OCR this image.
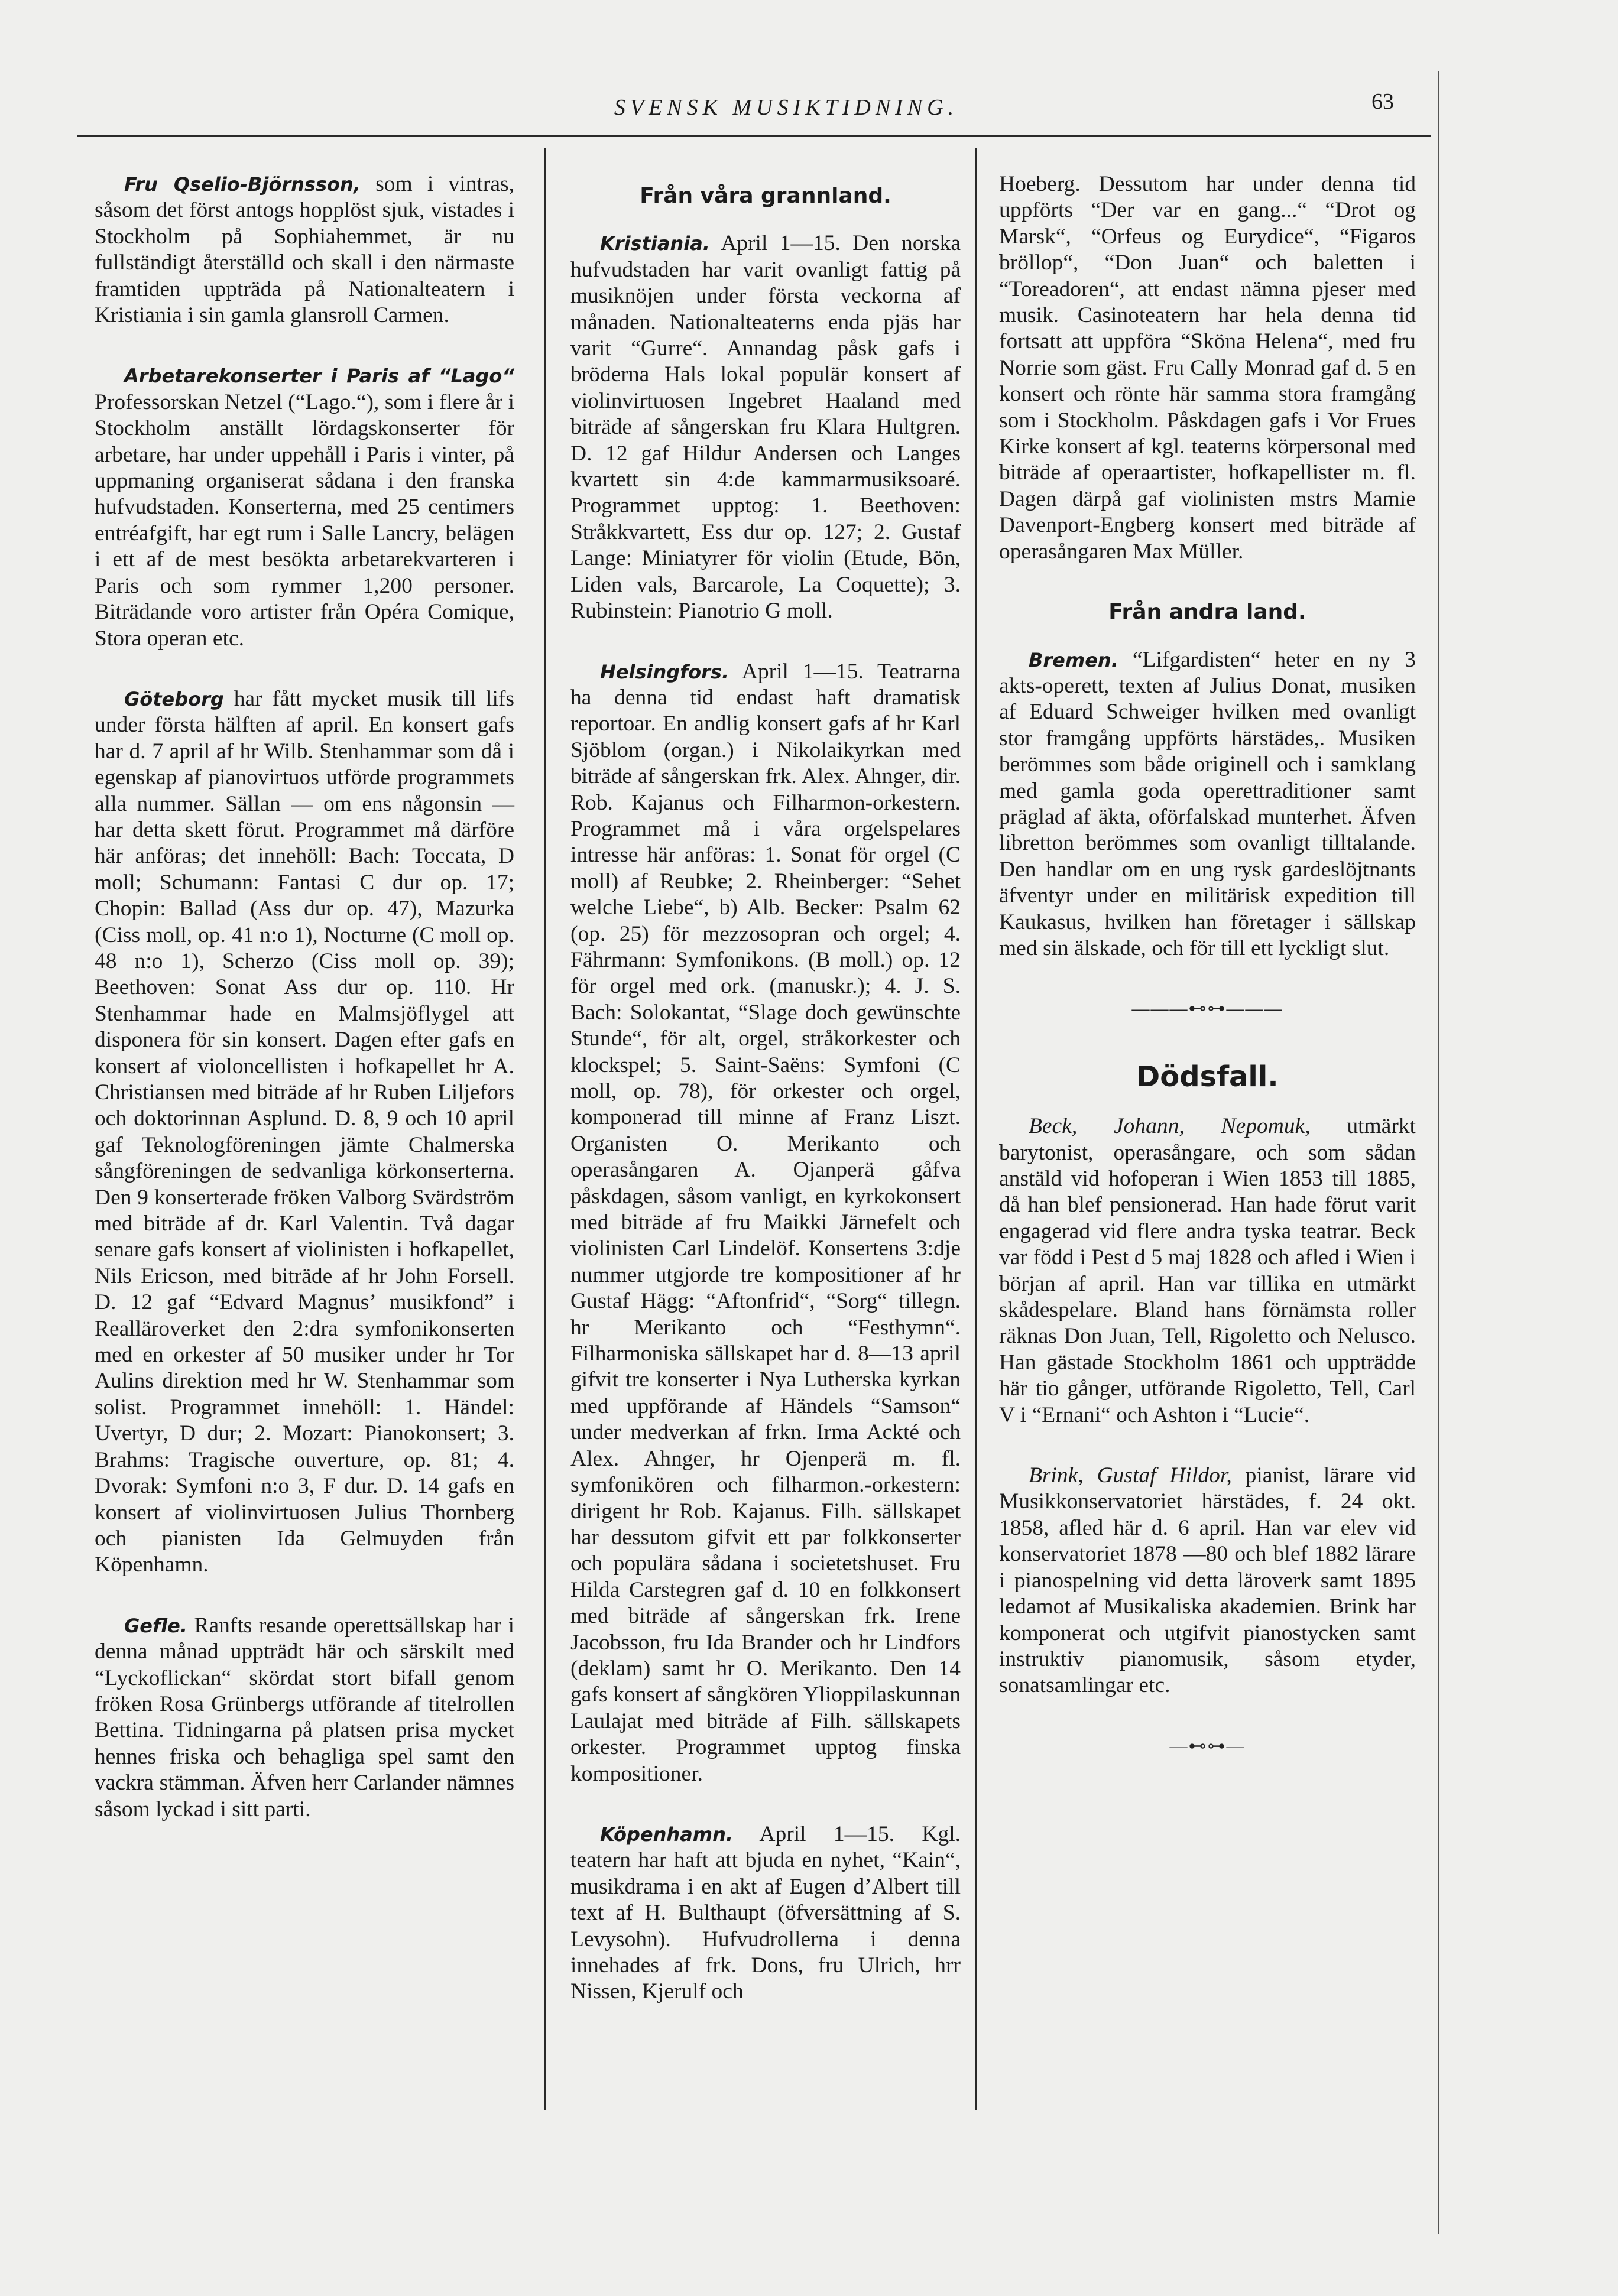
SVENSK MUSIKTIDNING.	63

Fru Qselio-Björnsson, som i vintras, såsom det först antogs hopplöst sjuk, vistades i Stockholm på Sophiahemmet, är nu fullständigt återställd och skall i den närmaste framtiden uppträda på Nationalteatern i Kristiania i sin gamla glansroll Carmen.

Arbetarekonserter i Paris af “Lago“ Professorskan Netzel (“Lago.“), som i flere år i Stockholm anställt lördagskonserter för arbetare, har under uppehåll i Paris i vinter, på uppmaning organiserat sådana i den franska hufvudstaden. Konserterna, med 25 centimers entréafgift, har egt rum i Salle Lancry, belägen i ett af de mest besökta arbetarekvarteren i Paris och som rymmer 1,200 personer. Biträdande voro artister från Opéra Comique, Stora operan etc.

Göteborg har fått mycket musik till lifs under första hälften af april. En konsert gafs har d. 7 april af hr Wilb. Stenhammar som då i egenskap af pianovirtuos utförde programmets alla nummer. Sällan — om ens någonsin — har detta skett förut. Programmet må därföre här anföras; det innehöll: Bach: Toccata, D moll; Schumann: Fantasi C dur op. 17; Chopin: Ballad (Ass dur op. 47), Mazurka (Ciss moll, op. 41 n:o 1), Nocturne (C moll op. 48 n:o 1), Scherzo (Ciss moll op. 39); Beethoven: Sonat Ass dur op. 110. Hr Stenhammar hade en Malmsjöflygel att disponera för sin konsert. Dagen efter gafs en konsert af violoncellisten i hofkapellet hr A. Christiansen med biträde af hr Ruben Liljefors och doktorinnan Asplund. D. 8, 9 och 10 april gaf Teknologföreningen jämte Chalmerska sångföreningen de sedvanliga körkonserterna. Den 9 konserterade fröken Valborg Svärdström med biträde af dr. Karl Valentin. Två dagar senare gafs konsert af violinisten i hofkapellet, Nils Ericson, med biträde af hr John Forsell. D. 12 gaf “Edvard Magnus’ musikfond” i Realläroverket den 2:dra symfonikonserten med en orkester af 50 musiker under hr Tor Aulins direktion med hr W. Stenhammar som solist. Programmet innehöll: 1. Händel: Uvertyr, D dur; 2. Mozart: Pianokonsert; 3. Brahms: Tragische ouverture, op. 81; 4. Dvorak: Symfoni n:o 3, F dur. D. 14 gafs en konsert af violinvirtuosen Julius Thornberg och pianisten Ida Gelmuyden från Köpenhamn.

Gefle. Ranfts resande operettsällskap har i denna månad uppträdt här och särskilt med “Lyckoflickan“ skördat stort bifall genom fröken Rosa Grünbergs utförande af titelrollen Bettina. Tidningarna på platsen prisa mycket hennes friska och behagliga spel samt den vackra stämman. Äfven herr Carlander nämnes såsom lyckad i sitt parti.

Från våra grannland.

Kristiania. April 1—15. Den norska hufvudstaden har varit ovanligt fattig på musiknöjen under första veckorna af månaden. Nationalteaterns enda pjäs har varit “Gurre“. Annandag påsk gafs i bröderna Hals lokal populär konsert af violinvirtuosen Ingebret Haaland med biträde af sångerskan fru Klara Hultgren. D. 12 gaf Hildur Andersen och Langes kvartett sin 4:de kammarmusiksoaré. Programmet upptog: 1. Beethoven: Stråkkvartett, Ess dur op. 127; 2. Gustaf Lange: Miniatyrer för violin (Etude, Bön, Liden vals, Barcarole, La Coquette); 3. Rubinstein: Pianotrio G moll.

Helsingfors. April 1—15. Teatrarna ha denna tid endast haft dramatisk reportoar. En andlig konsert gafs af hr Karl Sjöblom (organ.) i Nikolaikyrkan med biträde af sångerskan frk. Alex. Ahnger, dir. Rob. Kajanus och Filharmon-orkestern. Programmet må i våra orgelspelares intresse här anföras: 1. Sonat för orgel (C moll) af Reubke; 2. Rheinberger: “Sehet welche Liebe“, b) Alb. Becker: Psalm 62 (op. 25) för mezzosopran och orgel; 4. Fährmann: Symfonikons. (B moll.) op. 12 för orgel med ork. (manuskr.); 4. J. S. Bach: Solokantat, “Slage doch gewünschte Stunde“, för alt, orgel, stråkorkester och klockspel; 5. Saint-Saëns: Symfoni (C moll, op. 78), för orkester och orgel, komponerad till minne af Franz Liszt. Organisten O. Merikanto och operasångaren A. Ojanperä gåfva påskdagen, såsom vanligt, en kyrkokonsert med biträde af fru Maikki Järnefelt och violinisten Carl Lindelöf. Konsertens 3:dje nummer utgjorde tre kompositioner af hr Gustaf Hägg: “Aftonfrid“, “Sorg“ tillegn. hr Merikanto och “Festhymn“. Filharmoniska sällskapet har d. 8—13 april gifvit tre konserter i Nya Lutherska kyrkan med uppförande af Händels “Samson“ under medverkan af frkn. Irma Ackté och Alex. Ahnger, hr Ojenperä m. fl. symfonikören och filharmon.-orkestern: dirigent hr Rob. Kajanus. Filh. sällskapet har dessutom gifvit ett par folkkonserter och populära sådana i societetshuset. Fru Hilda Carstegren gaf d. 10 en folkkonsert med biträde af sångerskan frk. Irene Jacobsson, fru Ida Brander och hr Lindfors (deklam) samt hr O. Merikanto. Den 14 gafs konsert af sångkören Ylioppilaskunnan Laulajat med biträde af Filh. sällskapets orkester. Programmet upptog finska kompositioner.

Köpenhamn. April 1—15. Kgl. teatern har haft att bjuda en nyhet, “Kain“, musikdrama i en akt af Eugen d’Albert till text af H. Bulthaupt (öfversättning af S. Levysohn). Hufvudrollerna i denna innehades af frk. Dons, fru Ulrich, hrr Nissen, Kjerulf och

Hoeberg. Dessutom har under denna tid uppförts “Der var en gang...“ “Drot og Marsk“, “Orfeus og Eurydice“, “Figaros bröllop“, “Don Juan“ och baletten i “Toreadoren“, att endast nämna pjeser med musik. Casinoteatern har hela denna tid fortsatt att uppföra “Sköna Helena“, med fru Norrie som gäst. Fru Cally Monrad gaf d. 5 en konsert och rönte här samma stora framgång som i Stockholm. Påskdagen gafs i Vor Frues Kirke konsert af kgl. teaterns körpersonal med biträde af operaartister, hofkapellister m. fl. Dagen därpå gaf violinisten mstrs Mamie Davenport-Engberg konsert med biträde af operasångaren Max Müller.

Från andra land.

Bremen. “Lifgardisten“ heter en ny 3 akts-operett, texten af Julius Donat, musiken af Eduard Schweiger hvilken med ovanligt stor framgång uppförts härstädes,. Musiken berömmes som både originell och i samklang med gamla goda operettraditioner samt präglad af äkta, oförfalskad munterhet. Äfven libretton berömmes som ovanligt tilltalande. Den handlar om en ung rysk gardeslöjtnants äfventyr under en militärisk expedition till Kaukasus, hvilken han företager i sällskap med sin älskade, och för till ett lyckligt slut.

———⊷⊶———
Dödsfall.

Beck, Johann, Nepomuk, utmärkt barytonist, operasångare, och som sådan anstäld vid hofoperan i Wien 1853 till 1885, då han blef pensionerad. Han hade förut varit engagerad vid flere andra tyska teatrar. Beck var född i Pest d 5 maj 1828 och afled i Wien i början af april. Han var tillika en utmärkt skådespelare. Bland hans förnämsta roller räknas Don Juan, Tell, Rigoletto och Nelusco. Han gästade Stockholm 1861 och uppträdde här tio gånger, utförande Rigoletto, Tell, Carl V i “Ernani“ och Ashton i “Lucie“.

Brink, Gustaf Hildor, pianist, lärare vid Musikkonservatoriet härstädes, f. 24 okt. 1858, afled här d. 6 april. Han var elev vid konservatoriet 1878 —80 och blef 1882 lärare i pianospelning vid detta läroverk samt 1895 ledamot af Musikaliska akademien. Brink har komponerat och utgifvit pianostycken samt instruktiv pianomusik, såsom etyder, sonatsamlingar etc.

—⊷⊶—
